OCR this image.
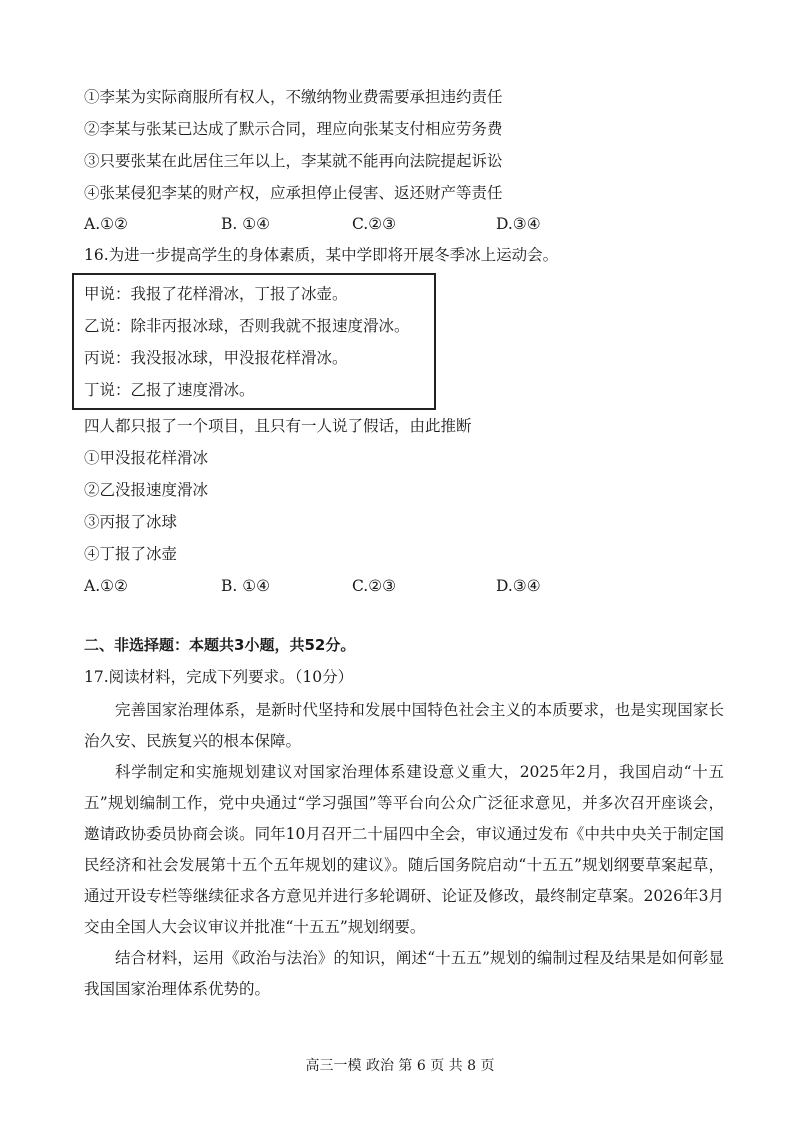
①李某为实际商服所有权人，不缴纳物业费需要承担违约责任
②李某与张某已达成了默示合同，理应向张某支付相应劳务费
③只要张某在此居住三年以上，李某就不能再向法院提起诉讼
④张某侵犯李某的财产权，应承担停止侵害、返还财产等责任
A.①②	B. ①④	C.②③	D.③④
16.为进一步提高学生的身体素质，某中学即将开展冬季冰上运动会。
甲说：我报了花样滑冰，丁报了冰壶。
乙说：除非丙报冰球，否则我就不报速度滑冰。
丙说：我没报冰球，甲没报花样滑冰。
丁说：乙报了速度滑冰。
四人都只报了一个项目，且只有一人说了假话，由此推断
①甲没报花样滑冰
②乙没报速度滑冰
③丙报了冰球
④丁报了冰壶
A.①②	B. ①④	C.②③	D.③④
二、非选择题：本题共3小题，共52分。
17.阅读材料，完成下列要求。（10分）

完善国家治理体系，是新时代坚持和发展中国特色社会主义的本质要求，也是实现国家长治久安、民族复兴的根本保障。

科学制定和实施规划建议对国家治理体系建设意义重大，2025年2月，我国启动“十五五”规划编制工作，党中央通过“学习强国”等平台向公众广泛征求意见，并多次召开座谈会，邀请政协委员协商会谈。同年10月召开二十届四中全会，审议通过发布《中共中央关于制定国民经济和社会发展第十五个五年规划的建议》。随后国务院启动“十五五”规划纲要草案起草，通过开设专栏等继续征求各方意见并进行多轮调研、论证及修改，最终制定草案。2026年3月交由全国人大会议审议并批准“十五五”规划纲要。

结合材料，运用《政治与法治》的知识，阐述“十五五”规划的编制过程及结果是如何彰显我国国家治理体系优势的。

高三一模 政治 第 6 页 共 8 页
